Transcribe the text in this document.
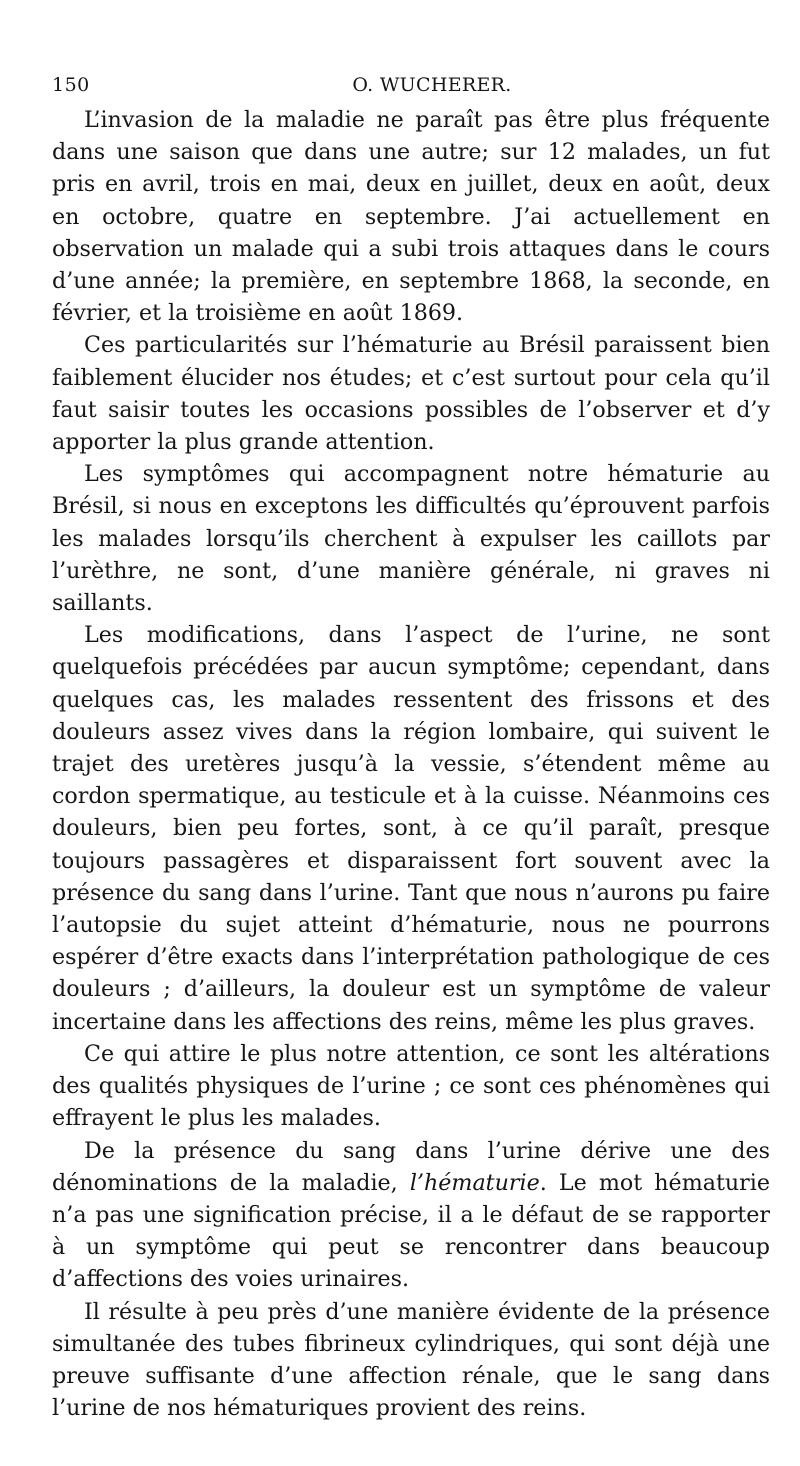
150	O. WUCHERER.

L’invasion de la maladie ne paraît pas être plus fréquente dans une saison que dans une autre; sur 12 malades, un fut pris en avril, trois en mai, deux en juillet, deux en août, deux en octobre, quatre en septembre. J’ai actuellement en observation un malade qui a subi trois attaques dans le cours d’une année; la première, en septembre 1868, la seconde, en février, et la troisième en août 1869.

Ces particularités sur l’hématurie au Brésil paraissent bien faiblement élucider nos études; et c’est surtout pour cela qu’il faut saisir toutes les occasions possibles de l’observer et d’y apporter la plus grande attention.

Les symptômes qui accompagnent notre hématurie au Brésil, si nous en exceptons les difficultés qu’éprouvent parfois les malades lorsqu’ils cherchent à expulser les caillots par l’urèthre, ne sont, d’une manière générale, ni graves ni saillants.

Les modifications, dans l’aspect de l’urine, ne sont quelquefois précédées par aucun symptôme; cependant, dans quelques cas, les malades ressentent des frissons et des douleurs assez vives dans la région lombaire, qui suivent le trajet des uretères jusqu’à la vessie, s’étendent même au cordon spermatique, au testicule et à la cuisse. Néanmoins ces douleurs, bien peu fortes, sont, à ce qu’il paraît, presque toujours passagères et disparaissent fort souvent avec la présence du sang dans l’urine. Tant que nous n’aurons pu faire l’autopsie du sujet atteint d’hématurie, nous ne pourrons espérer d’être exacts dans l’interprétation pathologique de ces douleurs ; d’ailleurs, la douleur est un symptôme de valeur incertaine dans les affections des reins, même les plus graves.

Ce qui attire le plus notre attention, ce sont les altérations des qualités physiques de l’urine ; ce sont ces phénomènes qui effrayent le plus les malades.

De la présence du sang dans l’urine dérive une des dénominations de la maladie, l’hématurie. Le mot hématurie n’a pas une signification précise, il a le défaut de se rapporter à un symptôme qui peut se rencontrer dans beaucoup d’affections des voies urinaires.

Il résulte à peu près d’une manière évidente de la présence simultanée des tubes fibrineux cylindriques, qui sont déjà une preuve suffisante d’une affection rénale, que le sang dans l’urine de nos hématuriques provient des reins.
